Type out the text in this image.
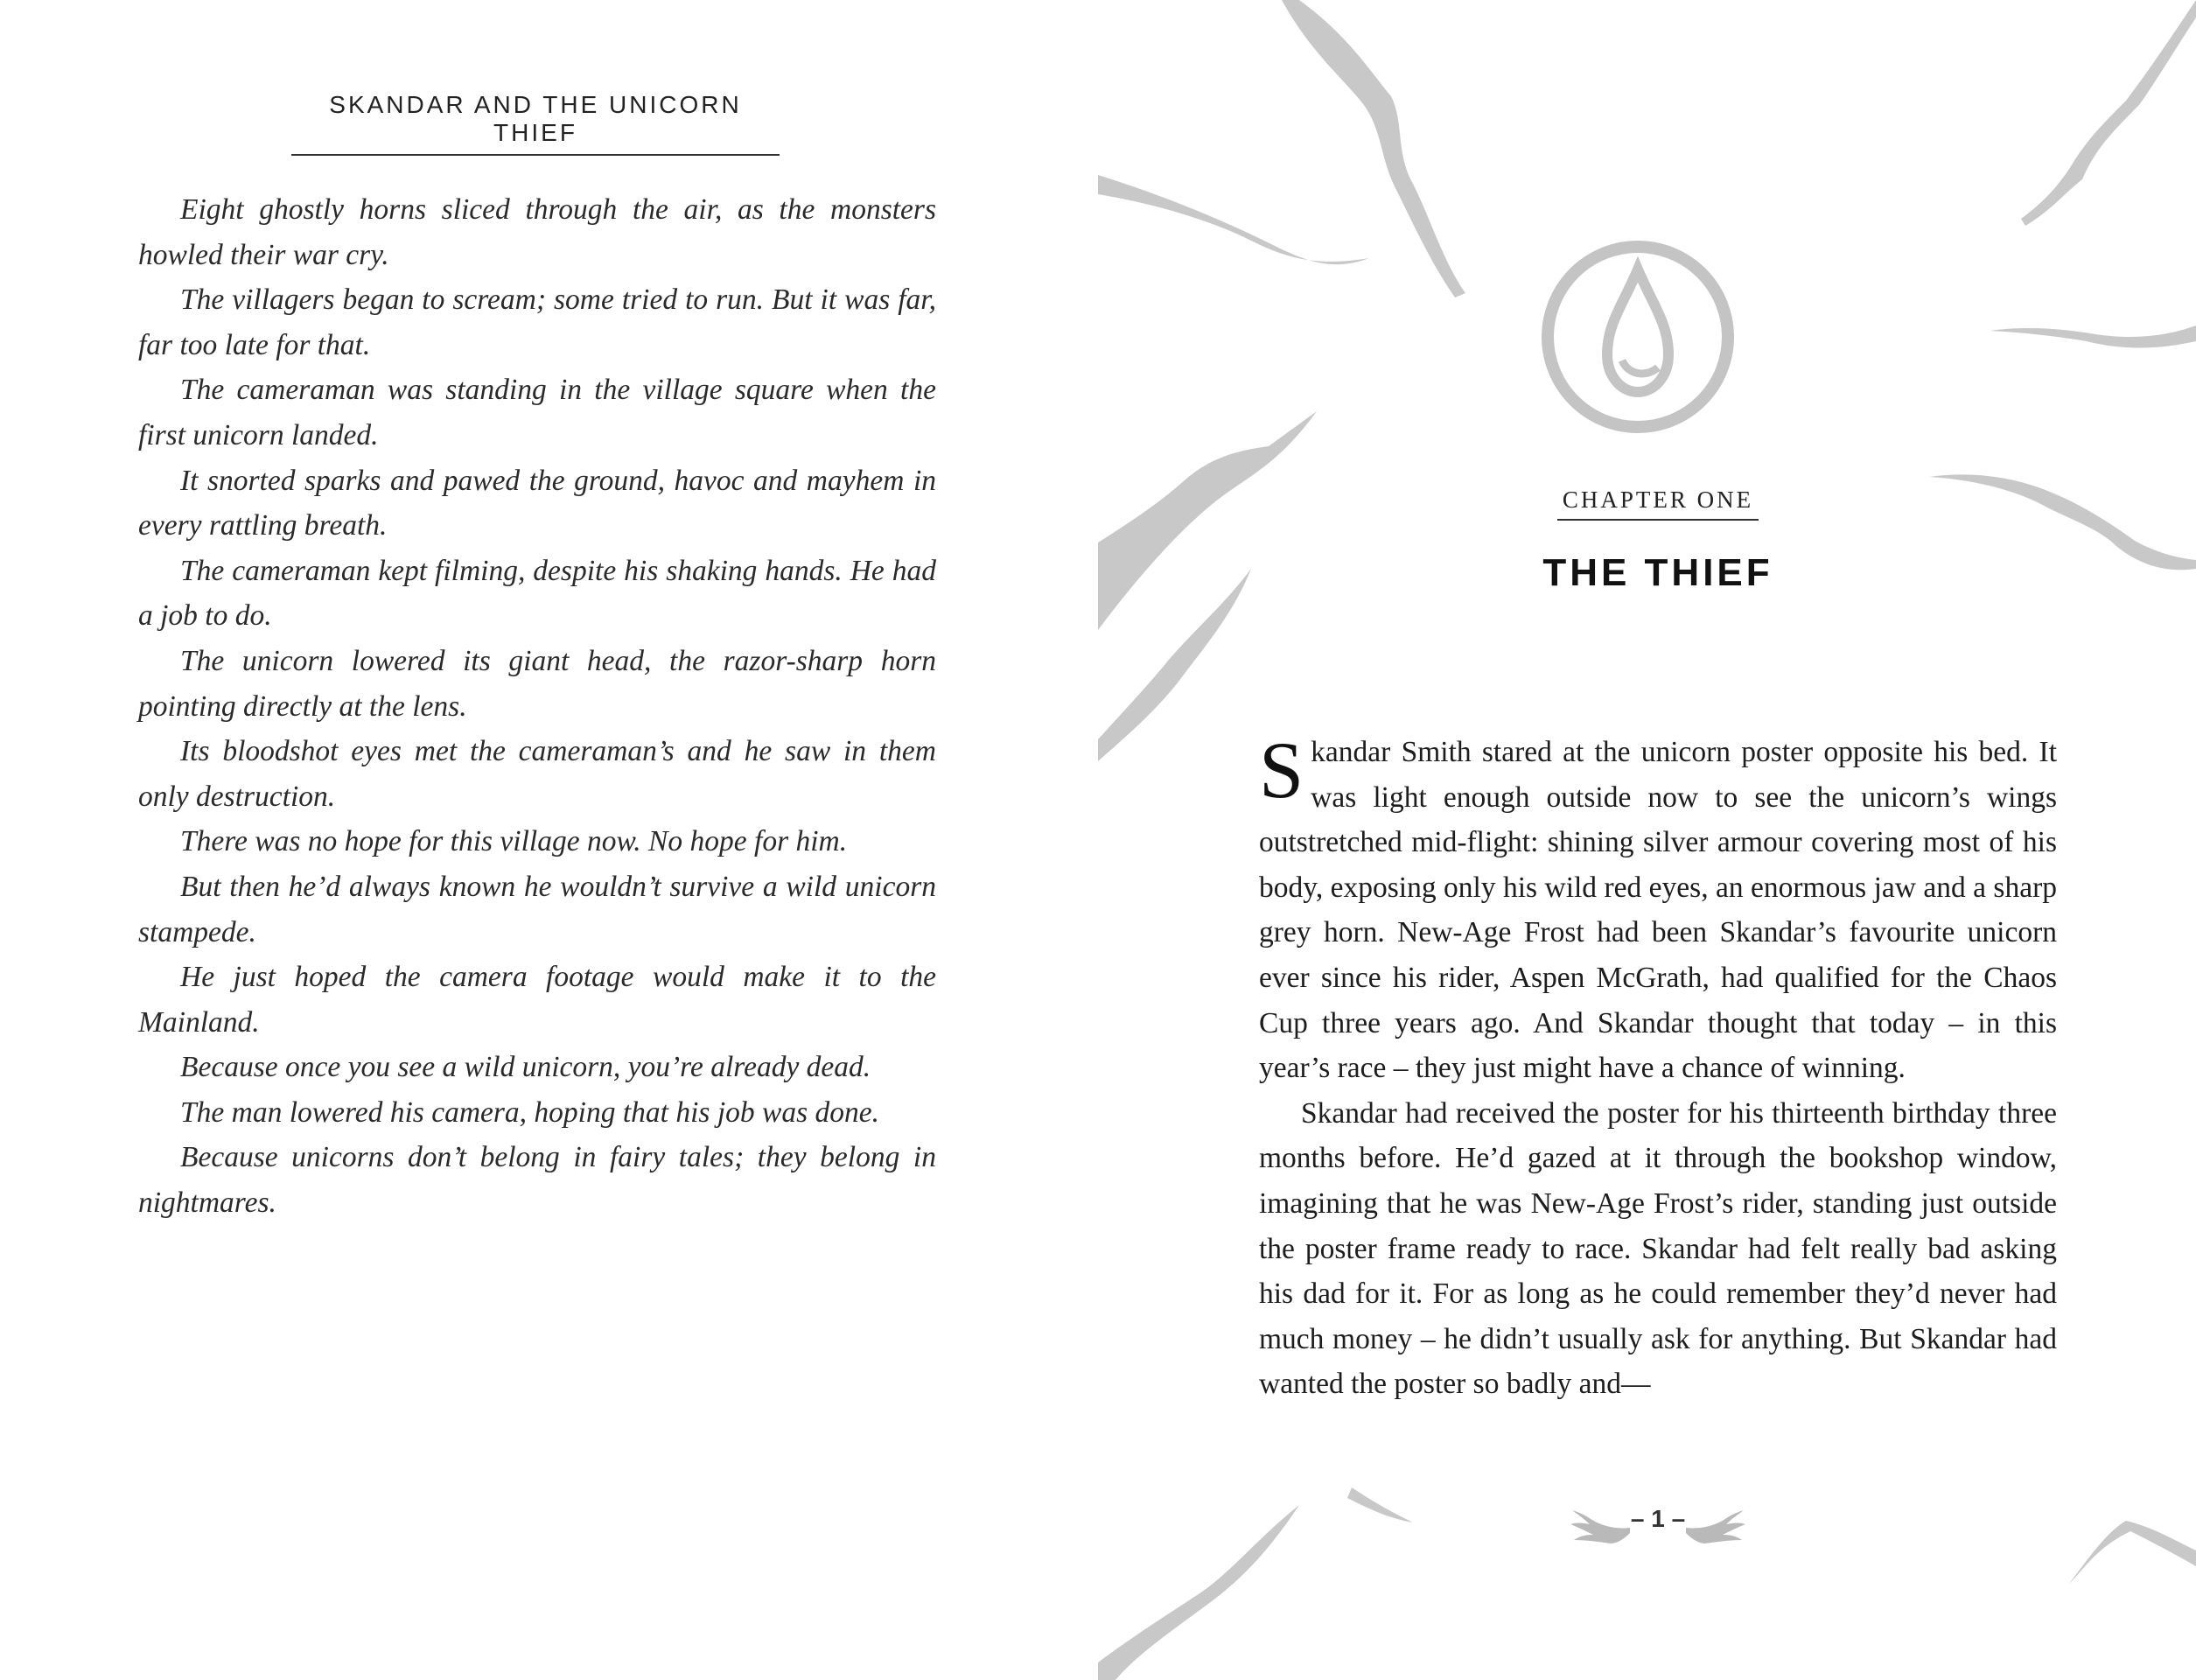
SKANDAR AND THE UNICORN THIEF

Eight ghostly horns sliced through the air, as the monsters howled their war cry.

The villagers began to scream; some tried to run. But it was far, far too late for that.

The cameraman was standing in the village square when the first unicorn landed.

It snorted sparks and pawed the ground, havoc and mayhem in every rattling breath.

The cameraman kept filming, despite his shaking hands. He had a job to do.

The unicorn lowered its giant head, the razor-sharp horn pointing directly at the lens.

Its bloodshot eyes met the cameraman’s and he saw in them only destruction.

There was no hope for this village now. No hope for him.

But then he’d always known he wouldn’t survive a wild unicorn stampede.

He just hoped the camera footage would make it to the Mainland.

Because once you see a wild unicorn, you’re already dead.

The man lowered his camera, hoping that his job was done.

Because unicorns don’t belong in fairy tales; they belong in nightmares.

CHAPTER ONE
THE THIEF

Skandar Smith stared at the unicorn poster opposite his bed. It was light enough outside now to see the unicorn’s wings outstretched mid-flight: shining silver armour covering most of his body, exposing only his wild red eyes, an enormous jaw and a sharp grey horn. New-Age Frost had been Skandar’s favourite unicorn ever since his rider, Aspen McGrath, had qualified for the Chaos Cup three years ago. And Skandar thought that today – in this year’s race – they just might have a chance of winning.

Skandar had received the poster for his thirteenth birthday three months before. He’d gazed at it through the bookshop window, imagining that he was New-Age Frost’s rider, standing just outside the poster frame ready to race. Skandar had felt really bad asking his dad for it. For as long as he could remember they’d never had much money – he didn’t usually ask for anything. But Skandar had wanted the poster so badly and—

– 1 –
